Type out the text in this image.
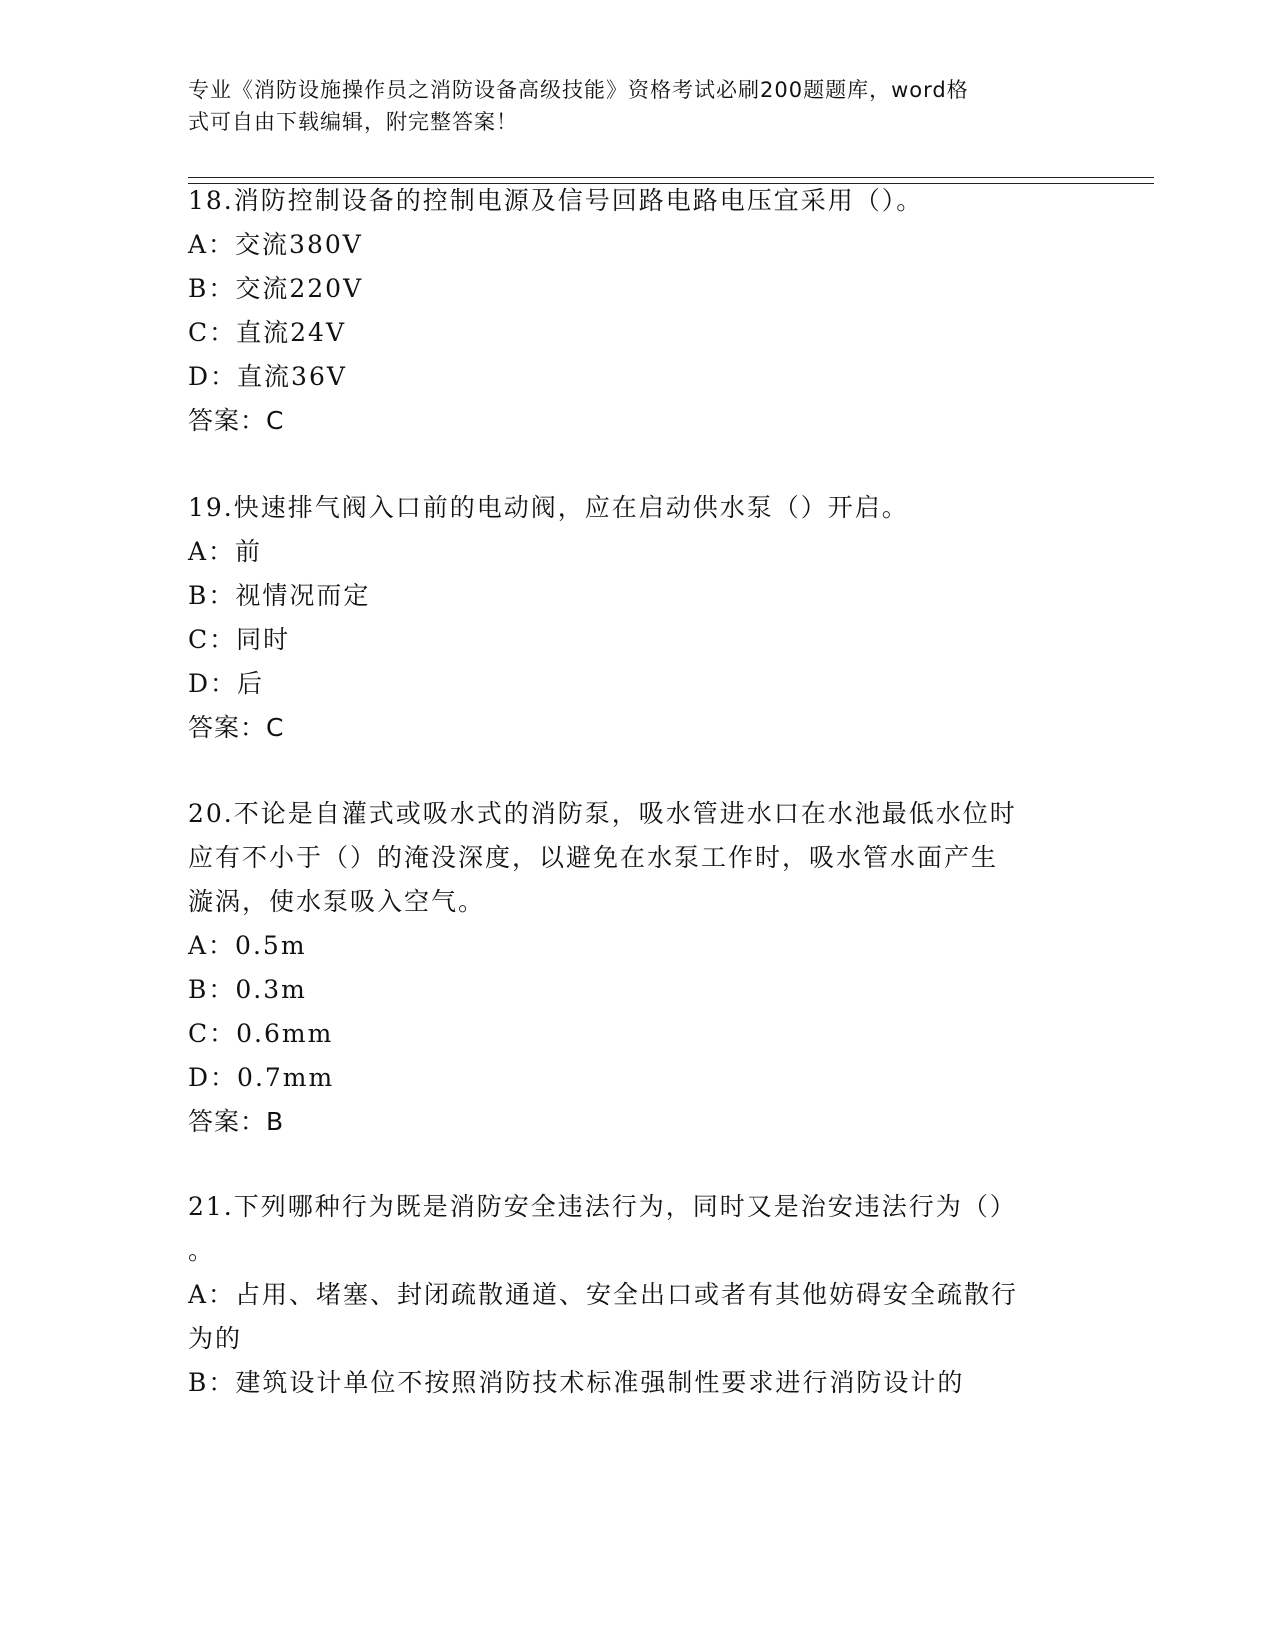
专业《消防设施操作员之消防设备高级技能》资格考试必刷200题题库，word格
式可自由下载编辑，附完整答案！
18.消防控制设备的控制电源及信号回路电路电压宜采用（）。
A：交流380V
B：交流220V
C：直流24V
D：直流36V
答案：C
19.快速排气阀入口前的电动阀，应在启动供水泵（）开启。
A：前
B：视情况而定
C：同时
D：后
答案：C
20.不论是自灌式或吸水式的消防泵，吸水管进水口在水池最低水位时
应有不小于（）的淹没深度，以避免在水泵工作时，吸水管水面产生
漩涡，使水泵吸入空气。
A：0.5m
B：0.3m
C：0.6mm
D：0.7mm
答案：B
21.下列哪种行为既是消防安全违法行为，同时又是治安违法行为（）
。
A：占用、堵塞、封闭疏散通道、安全出口或者有其他妨碍安全疏散行
为的
B：建筑设计单位不按照消防技术标准强制性要求进行消防设计的
